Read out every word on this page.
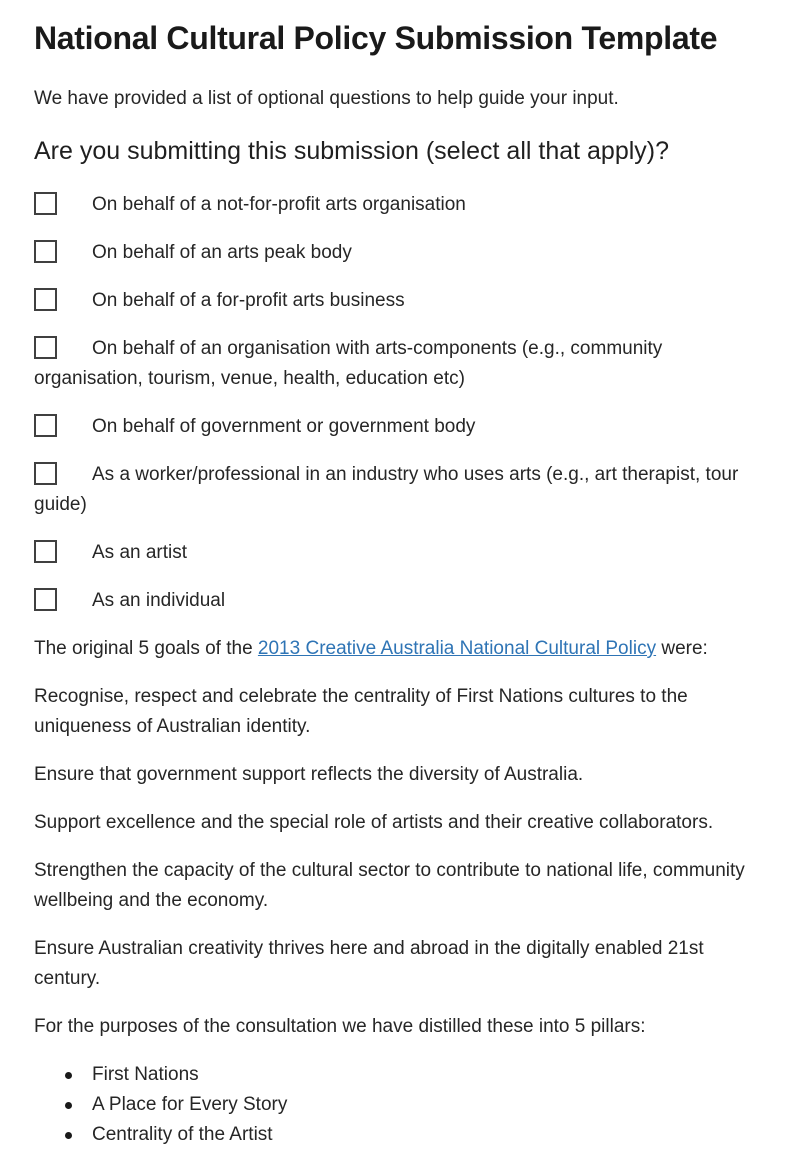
National Cultural Policy Submission Template

We have provided a list of optional questions to help guide your input.

Are you submitting this submission (select all that apply)?

On behalf of a not-for-profit arts organisation

On behalf of an arts peak body

On behalf of a for-profit arts business

On behalf of an organisation with arts-components (e.g., community organisation, tourism, venue, health, education etc)

On behalf of government or government body

As a worker/professional in an industry who uses arts (e.g., art therapist, tour guide)

As an artist

As an individual

The original 5 goals of the 2013 Creative Australia National Cultural Policy were:

Recognise, respect and celebrate the centrality of First Nations cultures to the uniqueness of Australian identity.

Ensure that government support reflects the diversity of Australia.

Support excellence and the special role of artists and their creative collaborators.

Strengthen the capacity of the cultural sector to contribute to national life, community wellbeing and the economy.

Ensure Australian creativity thrives here and abroad in the digitally enabled 21st century.

For the purposes of the consultation we have distilled these into 5 pillars:

First Nations
A Place for Every Story
Centrality of the Artist
